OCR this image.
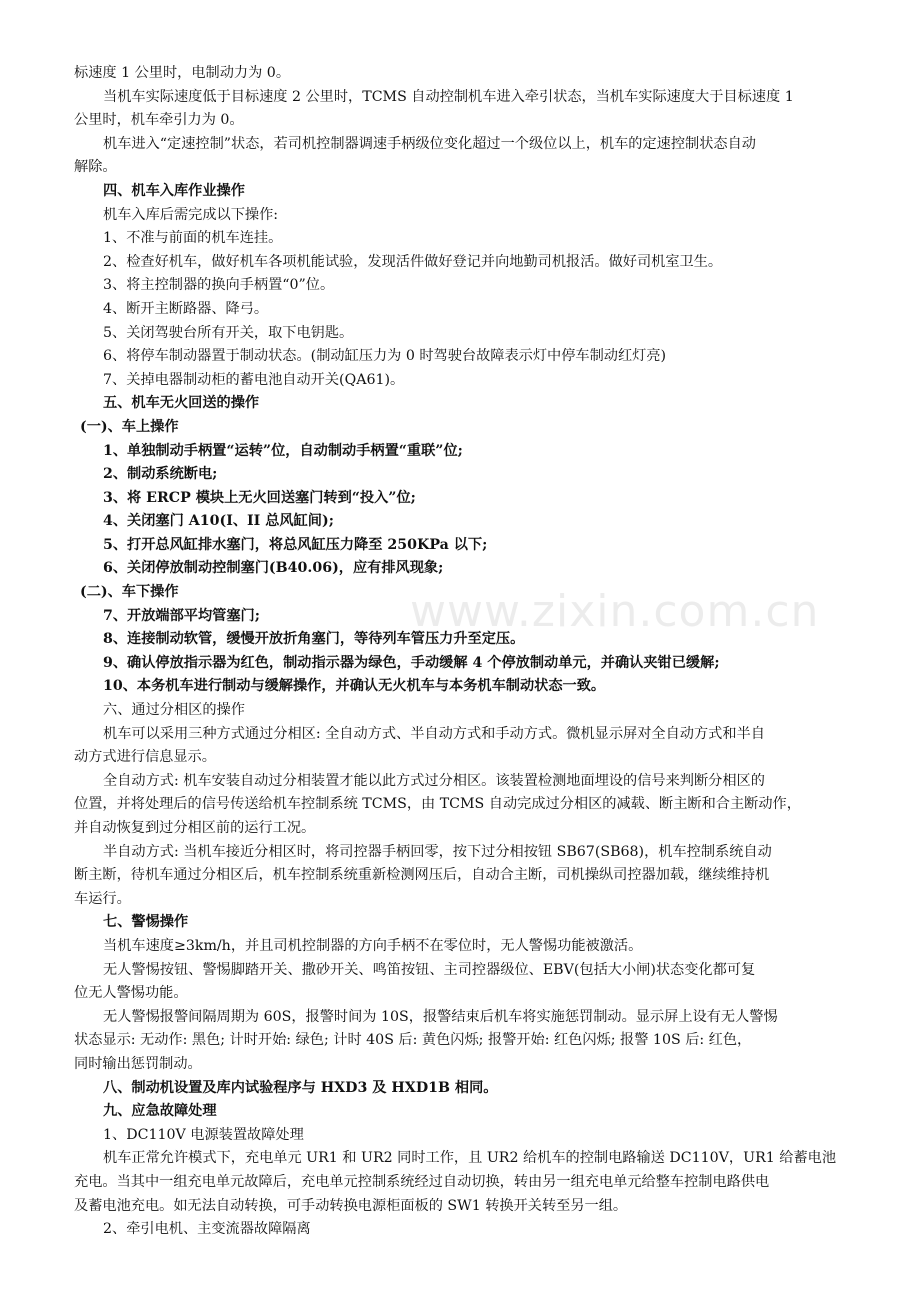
标速度 1 公里时，电制动力为 0。
当机车实际速度低于目标速度 2 公里时，TCMS 自动控制机车进入牵引状态，当机车实际速度大于目标速度 1
公里时，机车牵引力为 0。
机车进入“定速控制”状态，若司机控制器调速手柄级位变化超过一个级位以上，机车的定速控制状态自动
解除。
四、机车入库作业操作
机车入库后需完成以下操作:
1、不准与前面的机车连挂。
2、检查好机车，做好机车各项机能试验，发现活件做好登记并向地勤司机报活。做好司机室卫生。
3、将主控制器的换向手柄置“0”位。
4、断开主断路器、降弓。
5、关闭驾驶台所有开关，取下电钥匙。
6、将停车制动器置于制动状态。(制动缸压力为 0 时驾驶台故障表示灯中停车制动红灯亮)
7、关掉电器制动柜的蓄电池自动开关(QA61)。
五、机车无火回送的操作
(一)、车上操作
1、单独制动手柄置“运转”位，自动制动手柄置“重联”位;
2、制动系统断电;
3、将 ERCP 模块上无火回送塞门转到“投入”位;
4、关闭塞门 A10(I、II 总风缸间);
5、打开总风缸排水塞门，将总风缸压力降至 250KPa 以下;
6、关闭停放制动控制塞门(B40.06)，应有排风现象;
(二)、车下操作
7、开放端部平均管塞门;
8、连接制动软管，缓慢开放折角塞门，等待列车管压力升至定压。
9、确认停放指示器为红色，制动指示器为绿色，手动缓解 4 个停放制动单元，并确认夹钳已缓解;
10、本务机车进行制动与缓解操作，并确认无火机车与本务机车制动状态一致。
六、通过分相区的操作
机车可以采用三种方式通过分相区: 全自动方式、半自动方式和手动方式。微机显示屏对全自动方式和半自
动方式进行信息显示。
全自动方式: 机车安装自动过分相装置才能以此方式过分相区。该装置检测地面埋设的信号来判断分相区的
位置，并将处理后的信号传送给机车控制系统 TCMS，由 TCMS 自动完成过分相区的减载、断主断和合主断动作，
并自动恢复到过分相区前的运行工况。
半自动方式: 当机车接近分相区时，将司控器手柄回零，按下过分相按钮 SB67(SB68)，机车控制系统自动
断主断，待机车通过分相区后，机车控制系统重新检测网压后，自动合主断，司机操纵司控器加载，继续维持机
车运行。
七、警惕操作
当机车速度≥3km/h，并且司机控制器的方向手柄不在零位时，无人警惕功能被激活。
无人警惕按钮、警惕脚踏开关、撒砂开关、鸣笛按钮、主司控器级位、EBV(包括大小闸)状态变化都可复
位无人警惕功能。
无人警惕报警间隔周期为 60S，报警时间为 10S，报警结束后机车将实施惩罚制动。显示屏上设有无人警惕
状态显示: 无动作: 黑色; 计时开始: 绿色; 计时 40S 后: 黄色闪烁; 报警开始: 红色闪烁; 报警 10S 后: 红色，
同时输出惩罚制动。
八、制动机设置及库内试验程序与 HXD3 及 HXD1B 相同。
九、应急故障处理
1、DC110V 电源装置故障处理
机车正常允许模式下，充电单元 UR1 和 UR2 同时工作，且 UR2 给机车的控制电路输送 DC110V，UR1 给蓄电池
充电。当其中一组充电单元故障后，充电单元控制系统经过自动切换，转由另一组充电单元给整车控制电路供电
及蓄电池充电。如无法自动转换，可手动转换电源柜面板的 SW1 转换开关转至另一组。
2、牵引电机、主变流器故障隔离
www.zixin.com.cn
